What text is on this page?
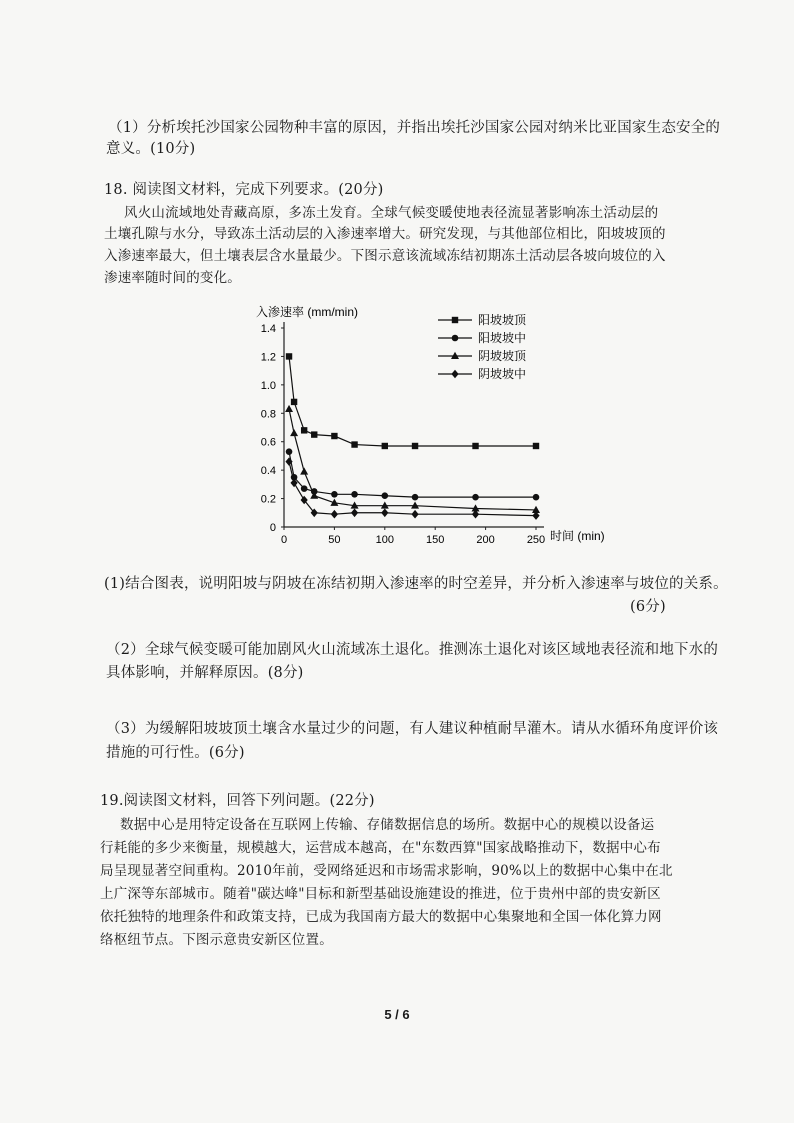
（1）分析埃托沙国家公园物种丰富的原因，并指出埃托沙国家公园对纳米比亚国家生态安全的
意义。(10分)
18. 阅读图文材料，完成下列要求。(20分)
风火山流域地处青藏高原，多冻土发育。全球气候变暖使地表径流显著影响冻土活动层的
土壤孔隙与水分，导致冻土活动层的入渗速率增大。研究发现，与其他部位相比，阳坡坡顶的
入渗速率最大，但土壤表层含水量最少。下图示意该流域冻结初期冻土活动层各坡向坡位的入
渗速率随时间的变化。
入渗速率 (mm/min)
时间 (min)
0
0.2
0.4
0.6
0.8
1.0
1.2
1.4
0	50	100	150	200	250
阳坡坡顶
阳坡坡中
阴坡坡顶
阴坡坡中
(1)结合图表，说明阳坡与阴坡在冻结初期入渗速率的时空差异，并分析入渗速率与坡位的关系。
(6分)
（2）全球气候变暖可能加剧风火山流域冻土退化。推测冻土退化对该区域地表径流和地下水的
具体影响，并解释原因。(8分)
（3）为缓解阳坡坡顶土壤含水量过少的问题，有人建议种植耐旱灌木。请从水循环角度评价该
措施的可行性。(6分)
19.阅读图文材料，回答下列问题。(22分)
数据中心是用特定设备在互联网上传输、存储数据信息的场所。数据中心的规模以设备运
行耗能的多少来衡量，规模越大，运营成本越高，在"东数西算"国家战略推动下，数据中心布
局呈现显著空间重构。2010年前，受网络延迟和市场需求影响，90%以上的数据中心集中在北
上广深等东部城市。随着"碳达峰"目标和新型基础设施建设的推进，位于贵州中部的贵安新区
依托独特的地理条件和政策支持，已成为我国南方最大的数据中心集聚地和全国一体化算力网
络枢纽节点。下图示意贵安新区位置。
5 / 6
